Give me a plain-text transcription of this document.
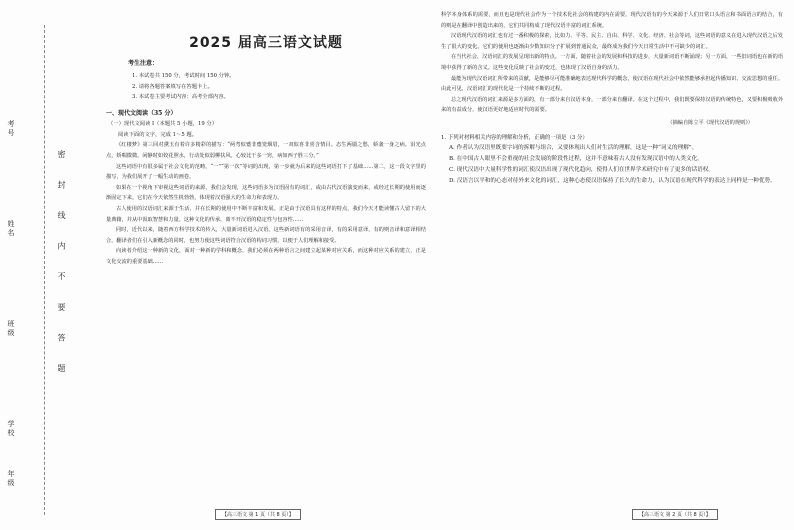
考号
姓名
班级
学校
年级
密 封 线 内 不 要 答 题
2025 届高三语文试题
考生注意：
1. 本试卷共 150 分，考试时间 150 分钟。
2. 请将各题答案填写在答题卡上。
3. 本试卷主要考试内容：高考全部内容。
一、现代文阅读（35 分）
（一）现代文阅读 I（本题共 5 小题，19 分）
阅读下面的文字，完成 1～5 题。

《红楼梦》第三回对黛玉有着许多精彩的描写：“两弯似蹙非蹙笼烟眉，一双似喜非喜含情目。态生两靥之愁，娇袭一身之病。泪光点点，娇喘微微。闲静时如姣花照水，行动处似弱柳扶风。心较比干多一窍，病如西子胜三分。”

这些词语中有很多属于社会文化的范畴。“一”“第一次”等词的出现，第一步就为后来的这些词语打下了基础……第二，这一段文字里的描写，为我们展开了一幅生动的画卷。

如果在一个视角下审视这些词语的来源，我们会发现，这些词语多为汉语固有的词汇，或由古代汉语演变而来，或经过长期的使用而逐渐固定下来。它们在今天依然生机勃勃，体现着汉语强大的生命力和表现力。

古人使用的汉语词汇来源于生活，并在长期的使用中不断丰富和发展。正是由于汉语具有这样的特点，我们今天才能读懂古人留下的大量典籍，并从中汲取智慧和力量。这种文化的传承，离不开汉语的稳定性与包容性……

同时，近代以来，随着西方科学技术的传入，大量新词语进入汉语。这些新词语有的采用音译，有的采用意译，有的则音译和意译相结合。翻译者们在引入新概念的同时，也努力使这些词语符合汉语的构词习惯，以便于人们理解和接受。

向读者介绍这一种新的文化，面对一种新的学科和概念，我们必须在两种语言之间建立起某种对应关系，而这种对应关系的建立，正是文化交流的重要基础……

科学本身体系的需要，而且也是现代社会作为一个技术化社会的构建的内在需要。现代汉语有的今天来源于人们日常口头语言和书面语言的结合，有的则是在翻译中创造出来的，它们共同构成了现代汉语丰富的词汇系统。

汉语现代汉语的词汇也有过一番积极的探索，比如力、平等、民主、自由、科学、文化、经济、社会等词，这些词语的意义在进入现代汉语之后发生了很大的变化。它们的使用也逐渐由少数知识分子扩展到普通民众，最终成为我们今天日常生活中不可缺少的词汇。

在当代社会，汉语词汇的发展呈现出新的特点。一方面，随着社会的发展和科技的进步，大量新词语不断涌现；另一方面，一些旧词语也在新的语境中获得了新的含义。这些变化反映了社会的变迁，也体现了汉语自身的活力。

最能为现代汉语词汇所带来的贡献，是能够尽可能准确地表达现代科学的概念，使汉语在现代社会中依然能够承担起传播知识、交流思想的重任。由此可见，汉语词汇的现代化是一个持续不断的过程。

总之现代汉语的词汇来源是多方面的，有一部分来自汉语本身，一部分来自翻译。在这个过程中，我们既要保持汉语的传统特色，又要积极吸收外来的有益成分，使汉语更好地适应时代的需要。

（摘编自陈立平《现代汉语的规则》）
1. 下列对材料相关内容的理解和分析，正确的一项是（3 分）
A. 作者认为汉语里既要字词的拆解与组合，又要体现出人们对生活的理解，这是一种“词义的理解”。
B. 在中国古人眼里不会重视的社会发展的阶段性过程，这并不意味着古人没有发现汉语中的人类文化。
C. 现代汉语中大量科学性的词汇使汉语出现了现代化趋向，使得人们在世界学术研究中有了更多的话语权。
D. 汉语言以平和的心态对待外来文化的词汇，这种心态使汉语保持了长久的生命力，认为汉语在现代科学的表达上同样是一种优势。
【高三语文 第 1 页（共 8 页）】	【高三语文 第 2 页（共 8 页）】
